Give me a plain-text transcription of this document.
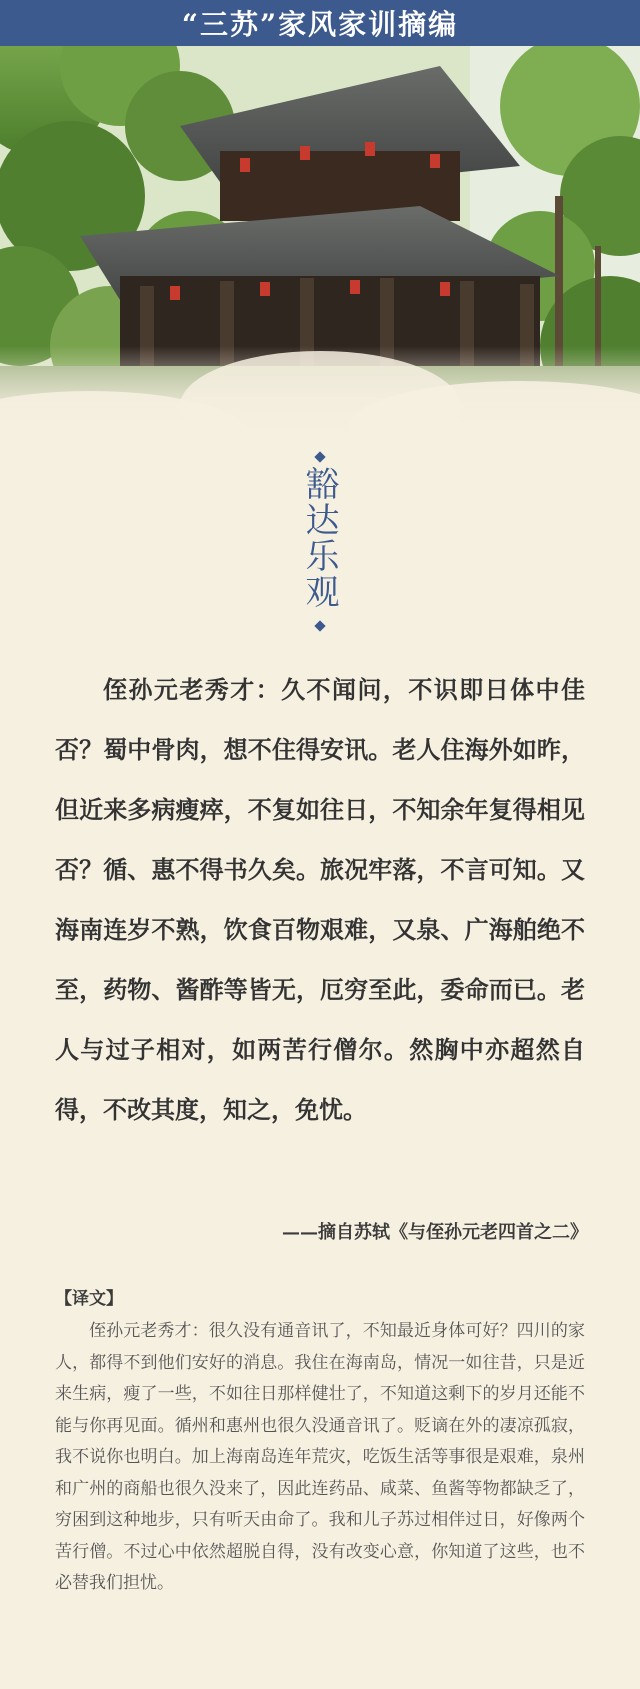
“三苏”家风家训摘编
豁达乐观

侄孙元老秀才：久不闻问，不识即日体中佳否？蜀中骨肉，想不住得安讯。老人住海外如昨，但近来多病瘦瘁，不复如往日，不知余年复得相见否？循、惠不得书久矣。旅况牢落，不言可知。又海南连岁不熟，饮食百物艰难，又泉、广海舶绝不至，药物、酱酢等皆无，厄穷至此，委命而已。老人与过子相对，如两苦行僧尔。然胸中亦超然自得，不改其度，知之，免忧。

——摘自苏轼《与侄孙元老四首之二》
【译文】

侄孙元老秀才：很久没有通音讯了，不知最近身体可好？四川的家人，都得不到他们安好的消息。我住在海南岛，情况一如往昔，只是近来生病，瘦了一些，不如往日那样健壮了，不知道这剩下的岁月还能不能与你再见面。循州和惠州也很久没通音讯了。贬谪在外的凄凉孤寂，我不说你也明白。加上海南岛连年荒灾，吃饭生活等事很是艰难，泉州和广州的商船也很久没来了，因此连药品、咸菜、鱼酱等物都缺乏了，穷困到这种地步，只有听天由命了。我和儿子苏过相伴过日，好像两个苦行僧。不过心中依然超脱自得，没有改变心意，你知道了这些，也不必替我们担忧。
